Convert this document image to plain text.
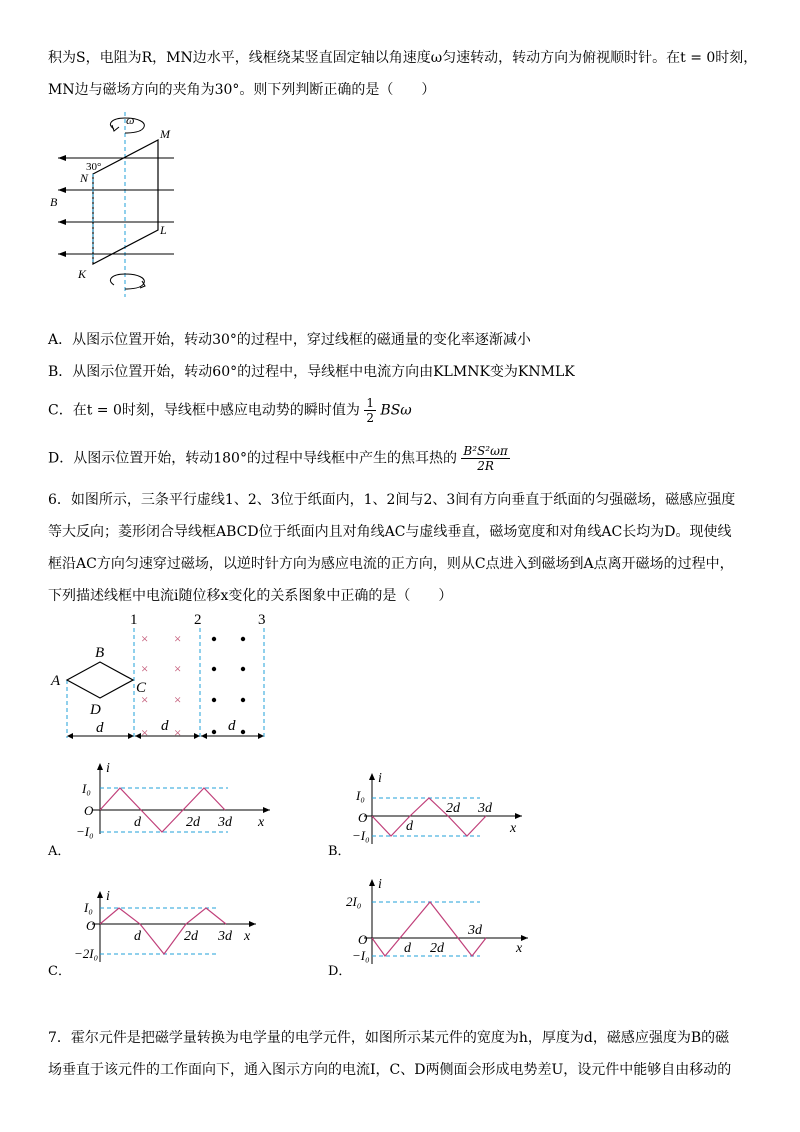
积为S，电阻为R，MN边水平，线框绕某竖直固定轴以角速度ω匀速转动，转动方向为俯视顺时针。在t = 0时刻，
MN边与磁场方向的夹角为30°。则下列判断正确的是（　　）
ω
M
N
B
L
K
30°
A．从图示位置开始，转动30°的过程中，穿过线框的磁通量的变化率逐渐减小
B．从图示位置开始，转动60°的过程中，导线框中电流方向由KLMNK变为KNMLK
C．在t = 0时刻，导线框中感应电动势的瞬时值为 $\frac{1}{2}$ BSω
D．从图示位置开始，转动180°的过程中导线框中产生的焦耳热的 $\frac{\text{B²S²ωπ}}{2R}$
6．如图所示，三条平行虚线1、2、3位于纸面内，1、2间与2、3间有方向垂直于纸面的匀强磁场，磁感应强度
等大反向；菱形闭合导线框ABCD位于纸面内且对角线AC与虚线垂直，磁场宽度和对角线AC长均为D。现使线
框沿AC方向匀速穿过磁场，以逆时针方向为感应电流的正方向，则从C点进入到磁场到A点离开磁场的过程中，
下列描述线框中电流i随位移x变化的关系图象中正确的是（　　）
1	2	3
× ×
× ×
× ×
× ×
A
B
C
D
d	d	d
A．
i
I₀
O
−I₀
d	2d 3d x
B．
i
I₀
O
−I₀
d
2d 3d
x
C．
i
I₀
O
−2I₀
d	2d 3d x
D．
i
2I₀
O
−I₀ d 2d
3d
x
7．霍尔元件是把磁学量转换为电学量的电学元件，如图所示某元件的宽度为h，厚度为d，磁感应强度为B的磁
场垂直于该元件的工作面向下，通入图示方向的电流I，C、D两侧面会形成电势差U，设元件中能够自由移动的
